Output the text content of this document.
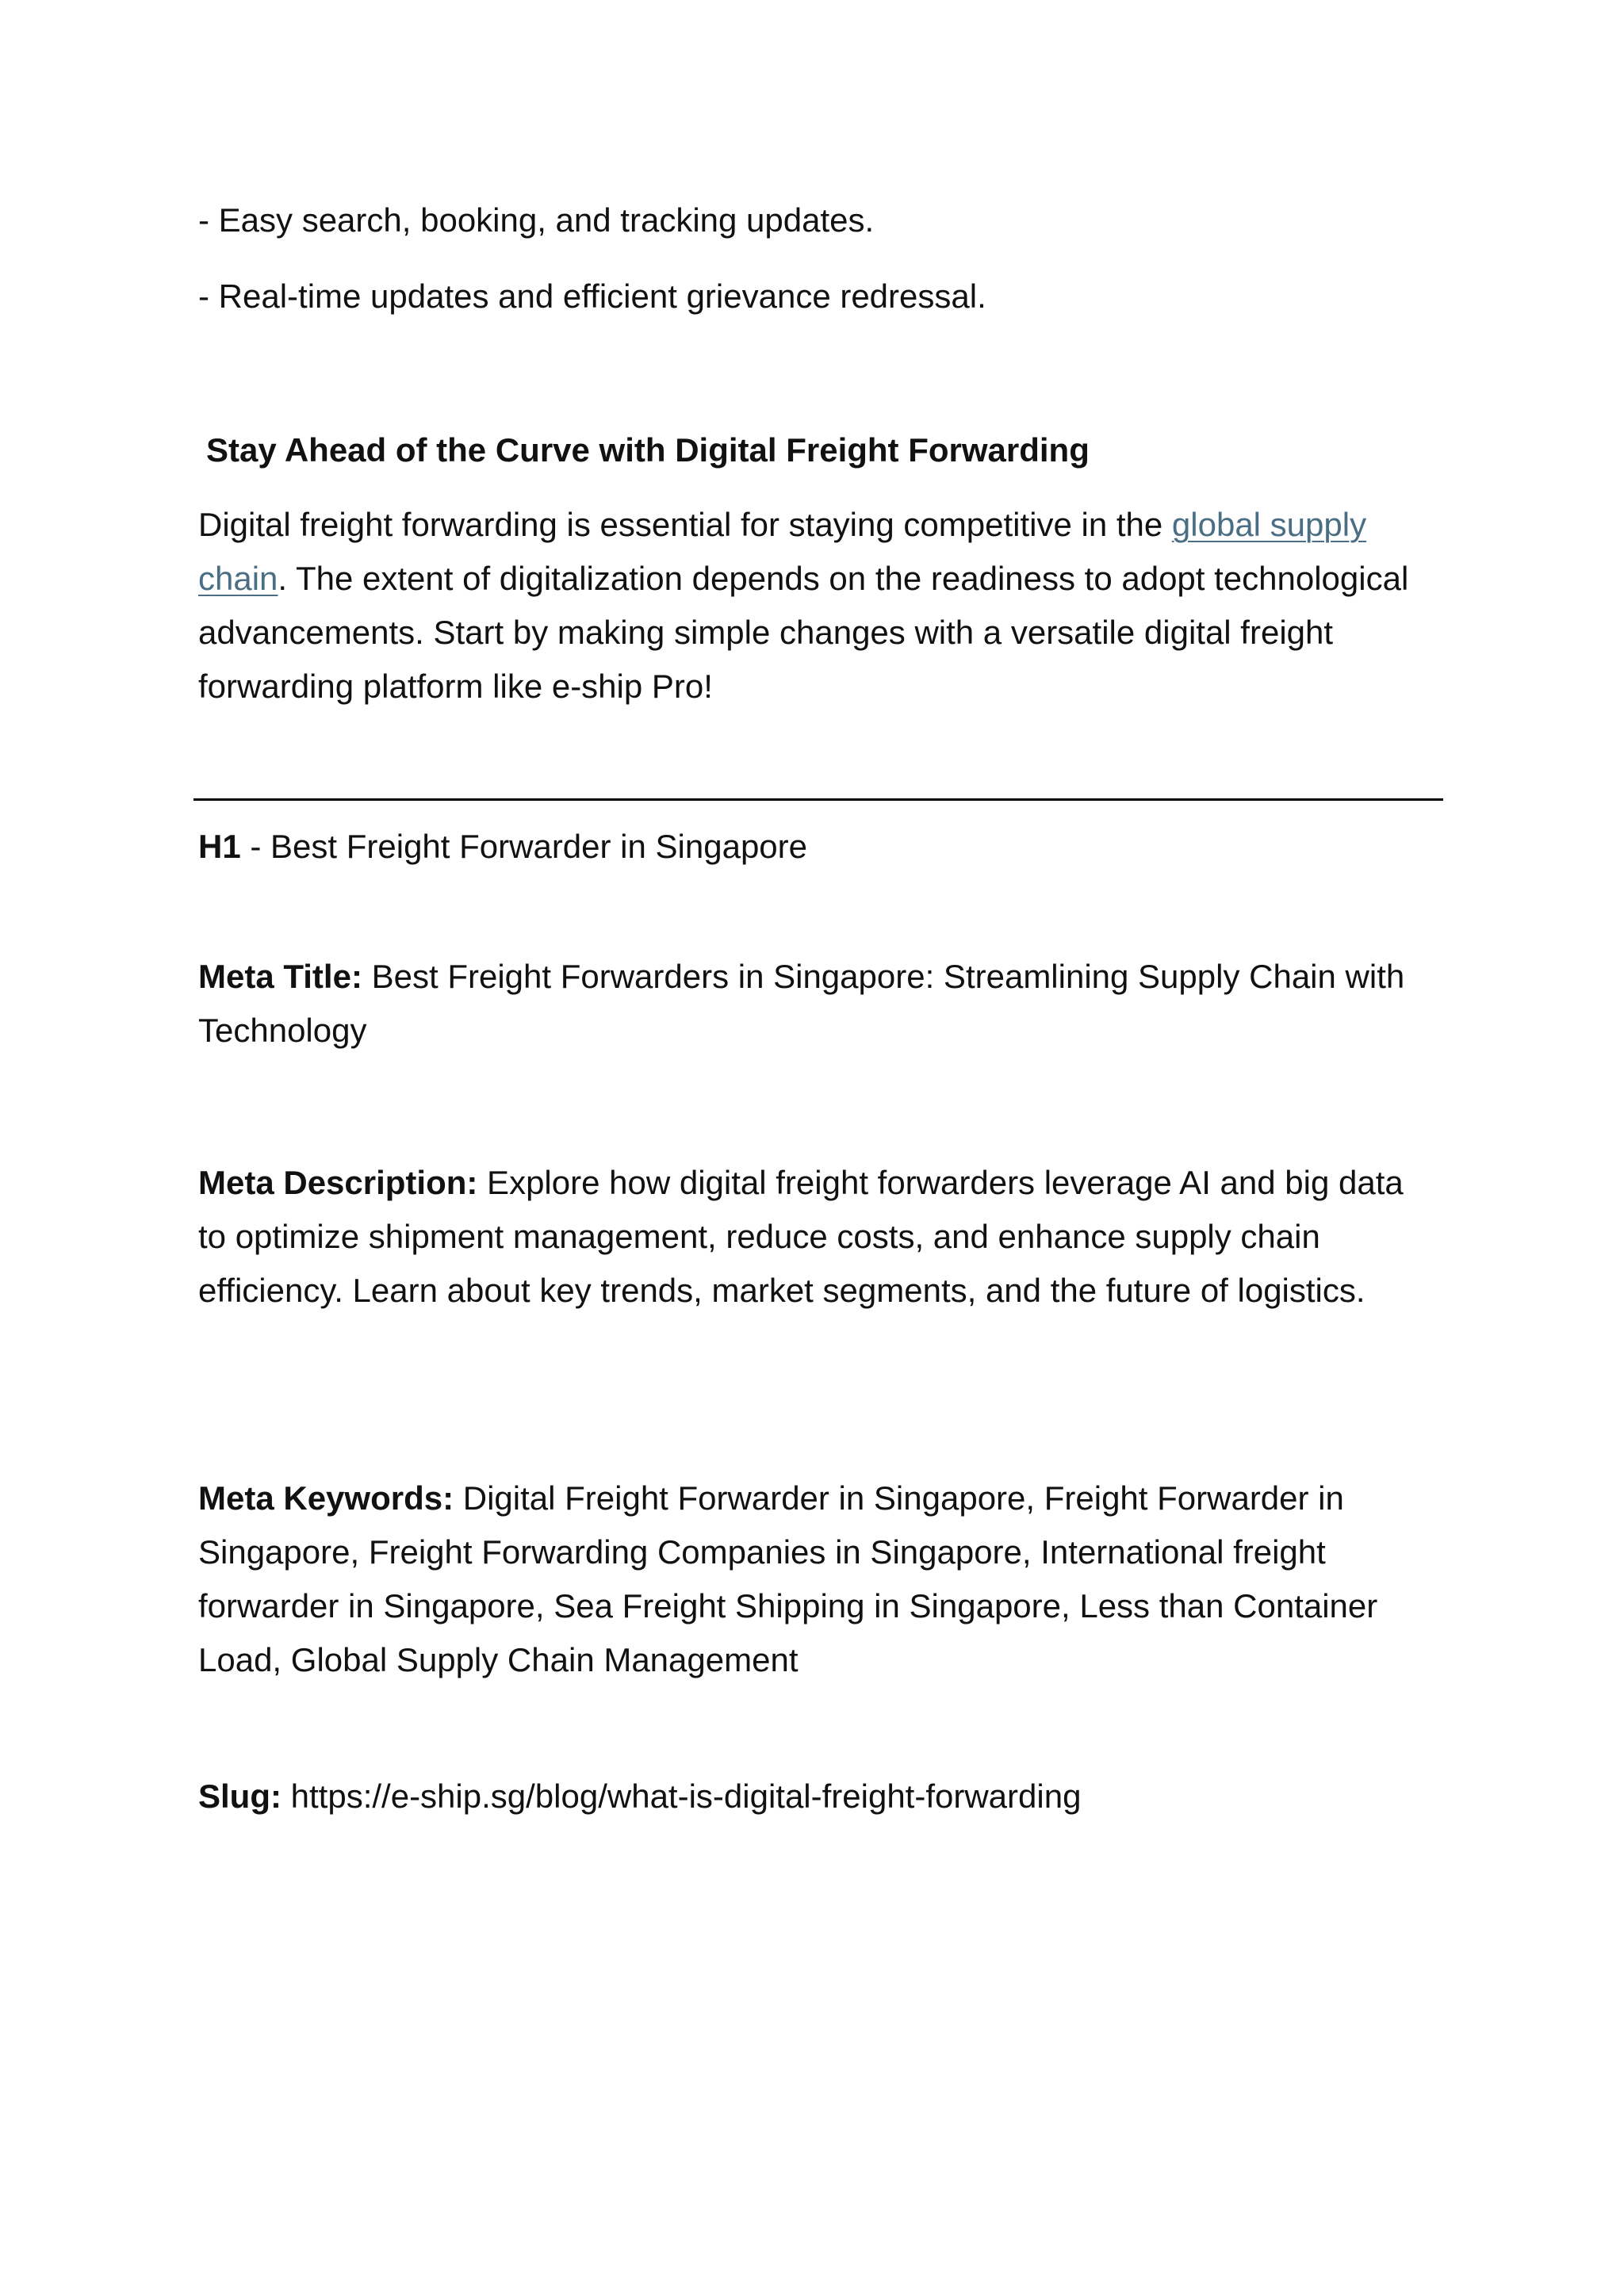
- Easy search, booking, and tracking updates.

- Real-time updates and efficient grievance redressal.

Stay Ahead of the Curve with Digital Freight Forwarding

Digital freight forwarding is essential for staying competitive in the global supply chain. The extent of digitalization depends on the readiness to adopt technological advancements. Start by making simple changes with a versatile digital freight forwarding platform like e-ship Pro!

H1 - Best Freight Forwarder in Singapore

Meta Title: Best Freight Forwarders in Singapore: Streamlining Supply Chain with Technology

Meta Description: Explore how digital freight forwarders leverage AI and big data to optimize shipment management, reduce costs, and enhance supply chain efficiency. Learn about key trends, market segments, and the future of logistics.

Meta Keywords: Digital Freight Forwarder in Singapore, Freight Forwarder in Singapore, Freight Forwarding Companies in Singapore, International freight forwarder in Singapore, Sea Freight Shipping in Singapore, Less than Container Load, Global Supply Chain Management

Slug: https://e-ship.sg/blog/what-is-digital-freight-forwarding
